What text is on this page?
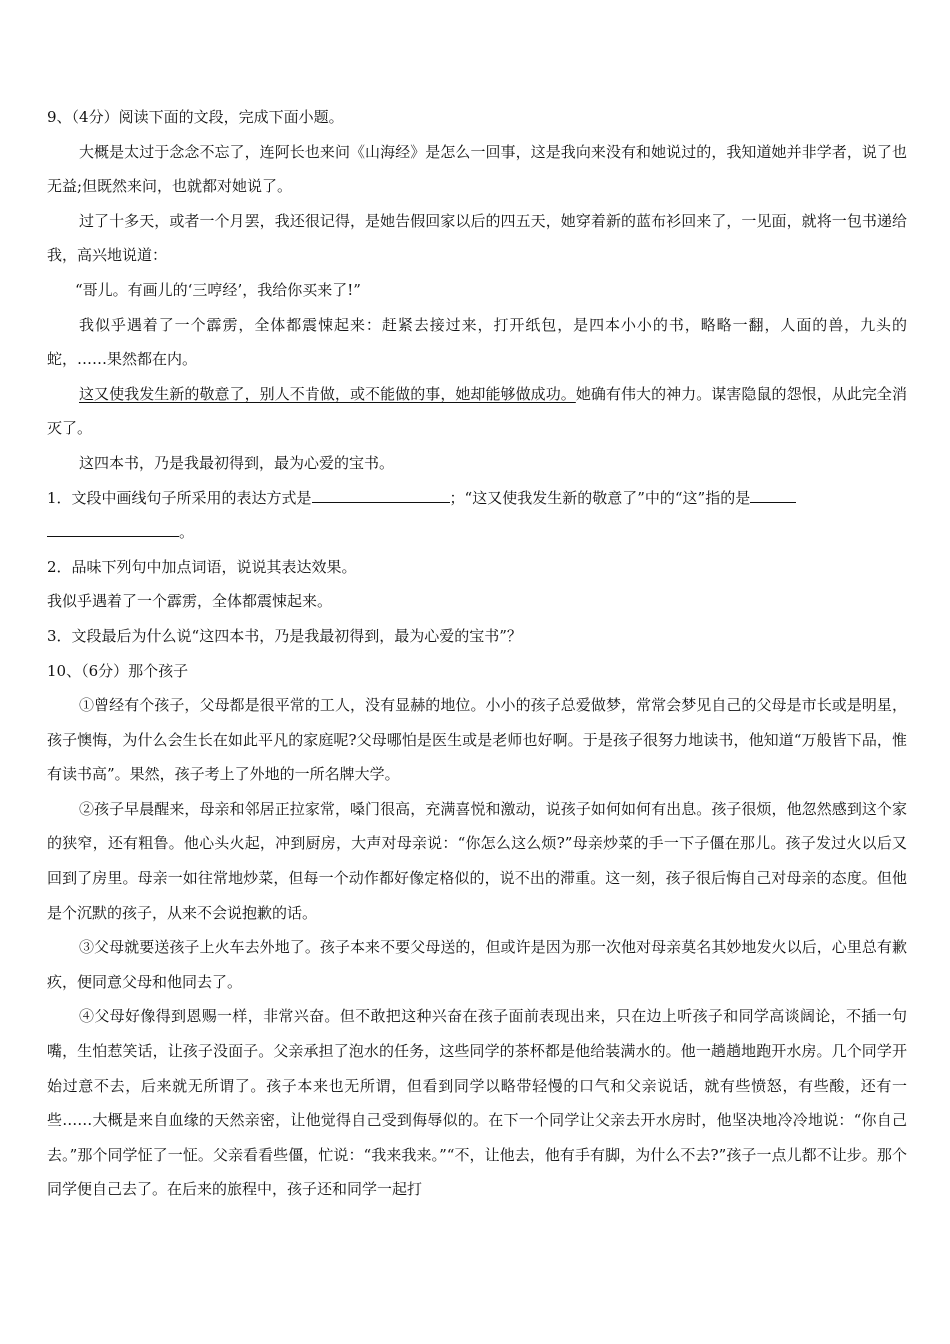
9、（4分）阅读下面的文段，完成下面小题。
大概是太过于念念不忘了，连阿长也来问《山海经》是怎么一回事，这是我向来没有和她说过的，我知道她并非学者，说了也无益;但既然来问，也就都对她说了。
过了十多天，或者一个月罢，我还很记得，是她告假回家以后的四五天，她穿着新的蓝布衫回来了，一见面，就将一包书递给我，高兴地说道：
“哥儿。有画儿的‘三哼经’，我给你买来了!”
我似乎遇着了一个霹雳，全体都震悚起来：赶紧去接过来，打开纸包，是四本小小的书，略略一翻，人面的兽，九头的蛇，……果然都在内。
这又使我发生新的敬意了，别人不肯做，或不能做的事，她却能够做成功。她确有伟大的神力。谋害隐鼠的怨恨，从此完全消灭了。
这四本书，乃是我最初得到，最为心爱的宝书。
1．文段中画线句子所采用的表达方式是	；“这又使我发生新的敬意了”中的“这”指的是
。
2．品味下列句中加点词语，说说其表达效果。
我似乎遇着了一个霹雳，全体都震悚起来。
3．文段最后为什么说“这四本书，乃是我最初得到，最为心爱的宝书”？
10、（6分）那个孩子
①曾经有个孩子，父母都是很平常的工人，没有显赫的地位。小小的孩子总爱做梦，常常会梦见自己的父母是市长或是明星，孩子懊悔，为什么会生长在如此平凡的家庭呢?父母哪怕是医生或是老师也好啊。于是孩子很努力地读书，他知道“万般皆下品，惟有读书高”。果然，孩子考上了外地的一所名牌大学。
②孩子早晨醒来，母亲和邻居正拉家常，嗓门很高，充满喜悦和激动，说孩子如何如何有出息。孩子很烦，他忽然感到这个家的狭窄，还有粗鲁。他心头火起，冲到厨房，大声对母亲说：“你怎么这么烦?”母亲炒菜的手一下子僵在那儿。孩子发过火以后又回到了房里。母亲一如往常地炒菜，但每一个动作都好像定格似的，说不出的滞重。这一刻，孩子很后悔自己对母亲的态度。但他是个沉默的孩子，从来不会说抱歉的话。
③父母就要送孩子上火车去外地了。孩子本来不要父母送的，但或许是因为那一次他对母亲莫名其妙地发火以后，心里总有歉疚，便同意父母和他同去了。
④父母好像得到恩赐一样，非常兴奋。但不敢把这种兴奋在孩子面前表现出来，只在边上听孩子和同学高谈阔论，不插一句嘴，生怕惹笑话，让孩子没面子。父亲承担了泡水的任务，这些同学的茶杯都是他给装满水的。他一趟趟地跑开水房。几个同学开始过意不去，后来就无所谓了。孩子本来也无所谓，但看到同学以略带轻慢的口气和父亲说话，就有些愤怒，有些酸，还有一些……大概是来自血缘的天然亲密，让他觉得自己受到侮辱似的。在下一个同学让父亲去开水房时，他坚决地冷冷地说：“你自己去。”那个同学怔了一怔。父亲看看些僵，忙说：“我来我来。”“不，让他去，他有手有脚，为什么不去?”孩子一点儿都不让步。那个同学便自己去了。在后来的旅程中，孩子还和同学一起打
